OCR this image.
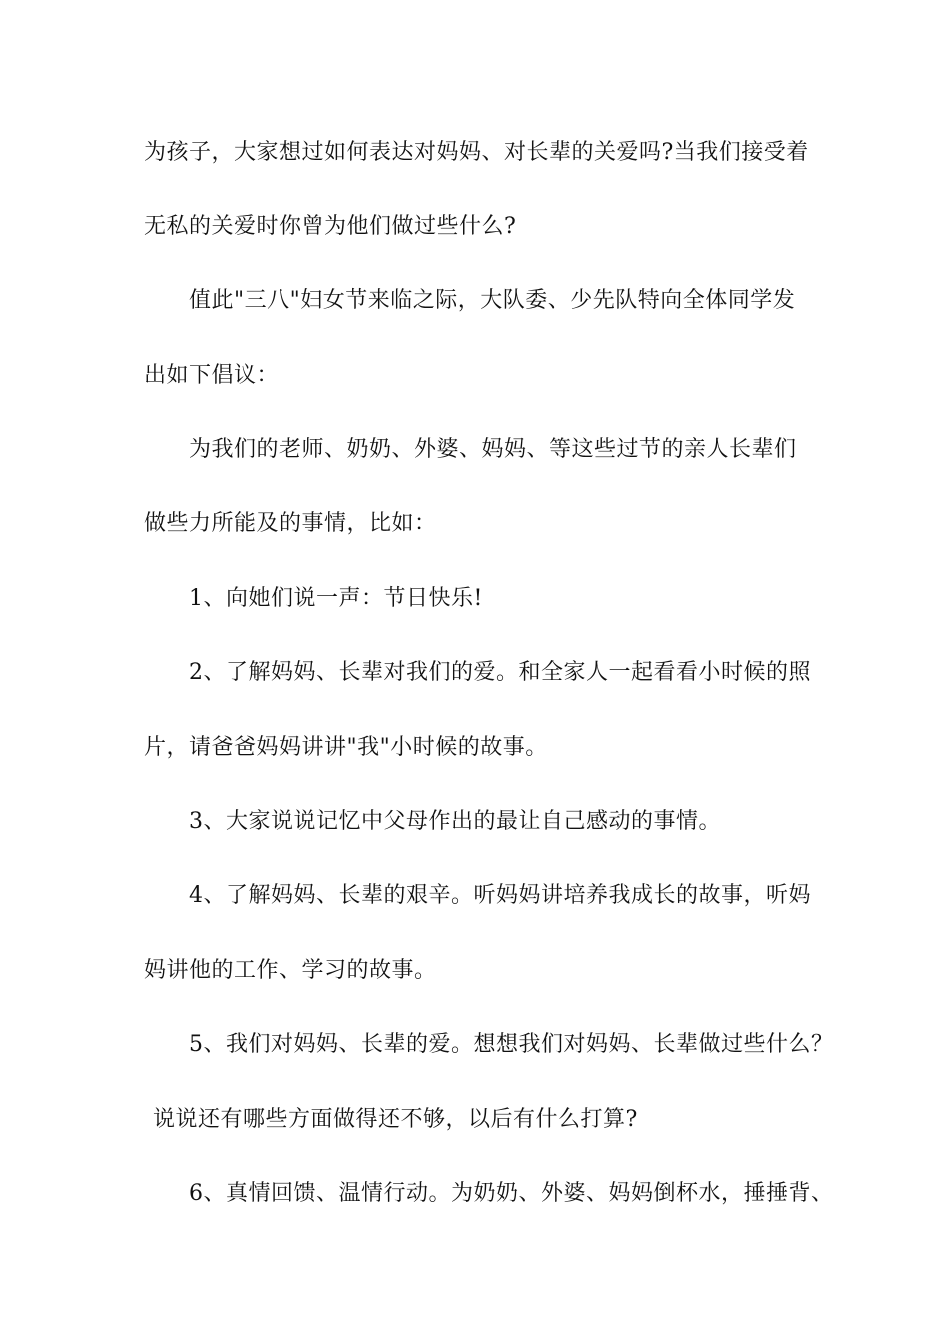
为孩子，大家想过如何表达对妈妈、对长辈的关爱吗?当我们接受着
无私的关爱时你曾为他们做过些什么?
值此"三八"妇女节来临之际，大队委、少先队特向全体同学发
出如下倡议：
为我们的老师、奶奶、外婆、妈妈、等这些过节的亲人长辈们
做些力所能及的事情，比如：
1、向她们说一声：节日快乐!
2、了解妈妈、长辈对我们的爱。和全家人一起看看小时候的照
片，请爸爸妈妈讲讲"我"小时候的故事。
3、大家说说记忆中父母作出的最让自己感动的事情。
4、了解妈妈、长辈的艰辛。听妈妈讲培养我成长的故事，听妈
妈讲他的工作、学习的故事。
5、我们对妈妈、长辈的爱。想想我们对妈妈、长辈做过些什么？
说说还有哪些方面做得还不够，以后有什么打算?
6、真情回馈、温情行动。为奶奶、外婆、妈妈倒杯水，捶捶背、
